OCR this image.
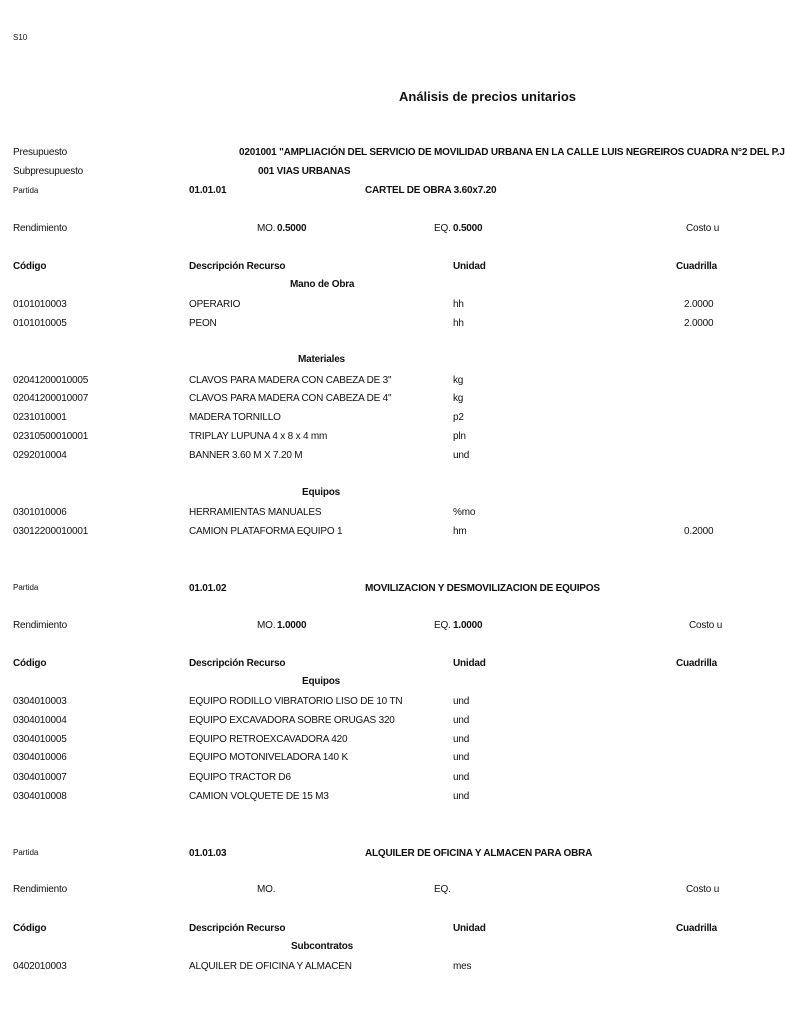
S10
Análisis de precios unitarios
Presupuesto	0201001 "AMPLIACIÓN DEL SERVICIO DE MOVILIDAD URBANA EN LA CALLE LUIS NEGREIROS CUADRA N°2 DEL P.J
Subpresupuesto	001 VIAS URBANAS
Partida	01.01.01	CARTEL DE OBRA 3.60x7.20
Rendimiento	MO. 0.5000	EQ. 0.5000	Costo u
Código	Descripción Recurso	Unidad	Cuadrilla
Mano de Obra
0101010003	OPERARIO	hh	2.0000
0101010005	PEON	hh	2.0000
Materiales
02041200010005	CLAVOS PARA MADERA CON CABEZA DE 3"	kg
02041200010007	CLAVOS PARA MADERA CON CABEZA DE 4"	kg
0231010001	MADERA TORNILLO	p2
02310500010001	TRIPLAY LUPUNA 4 x 8 x 4 mm	pln
0292010004	BANNER 3.60 M X 7.20 M	und
Equipos
0301010006	HERRAMIENTAS MANUALES	%mo
03012200010001	CAMION PLATAFORMA EQUIPO 1	hm	0.2000
Partida	01.01.02	MOVILIZACION Y DESMOVILIZACION DE EQUIPOS
Rendimiento	MO. 1.0000	EQ. 1.0000	Costo u
Código	Descripción Recurso	Unidad	Cuadrilla
Equipos
0304010003	EQUIPO RODILLO VIBRATORIO LISO DE 10 TN	und
0304010004	EQUIPO EXCAVADORA SOBRE ORUGAS 320	und
0304010005	EQUIPO RETROEXCAVADORA 420	und
0304010006	EQUIPO MOTONIVELADORA 140 K	und
0304010007	EQUIPO TRACTOR D6	und
0304010008	CAMION VOLQUETE DE 15 M3	und
Partida	01.01.03	ALQUILER DE OFICINA Y ALMACEN PARA OBRA
Rendimiento	MO.	EQ.	Costo u
Código	Descripción Recurso	Unidad	Cuadrilla
Subcontratos
0402010003	ALQUILER DE OFICINA Y ALMACEN	mes
